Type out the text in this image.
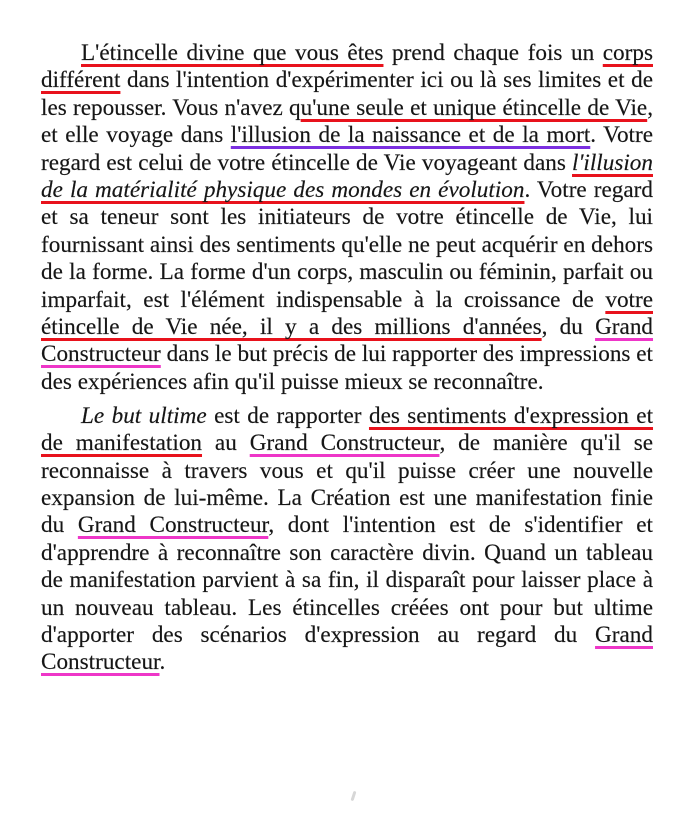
L'étincelle divine que vous êtes prend chaque fois un corps différent dans l'intention d'expérimenter ici ou là ses limites et de les repousser. Vous n'avez qu'une seule et unique étincelle de Vie, et elle voyage dans l'illusion de la naissance et de la mort. Votre regard est celui de votre étincelle de Vie voyageant dans l'illusion de la matérialité physique des mondes en évolution. Votre regard et sa teneur sont les initiateurs de votre étincelle de Vie, lui fournissant ainsi des sentiments qu'elle ne peut acquérir en dehors de la forme. La forme d'un corps, masculin ou féminin, parfait ou imparfait, est l'élément indispensable à la croissance de votre étincelle de Vie née, il y a des millions d'années, du Grand Constructeur dans le but précis de lui rapporter des impressions et des expériences afin qu'il puisse mieux se reconnaître.

Le but ultime est de rapporter des sentiments d'expression et de manifestation au Grand Constructeur, de manière qu'il se reconnaisse à travers vous et qu'il puisse créer une nouvelle expansion de lui-même. La Création est une manifestation finie du Grand Constructeur, dont l'intention est de s'identifier et d'apprendre à reconnaître son caractère divin. Quand un tableau de manifestation parvient à sa fin, il disparaît pour laisser place à un nouveau tableau. Les étincelles créées ont pour but ultime d'apporter des scénarios d'expression au regard du Grand Constructeur.
